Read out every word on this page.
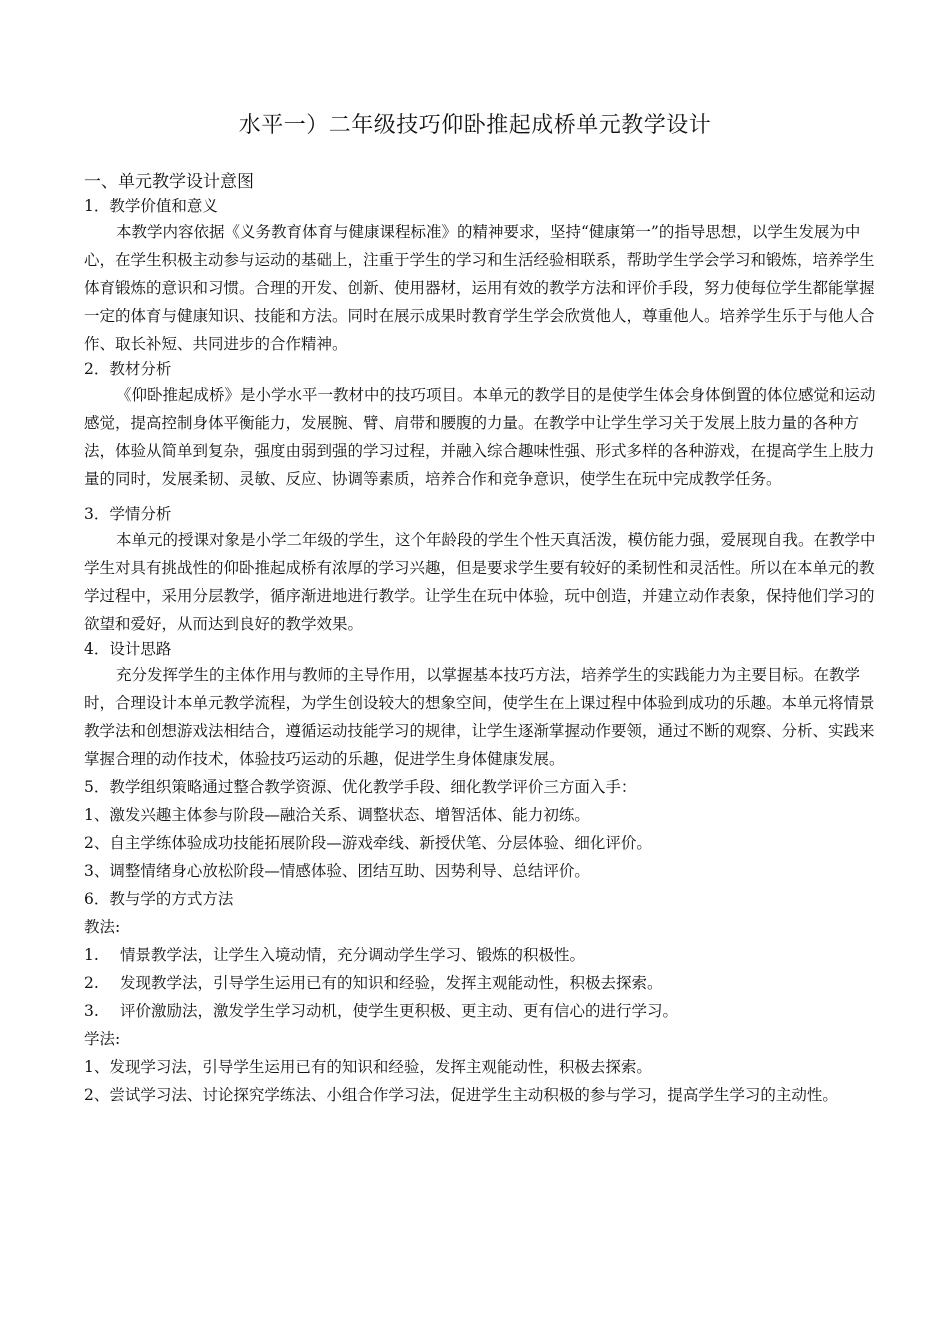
水平一）二年级技巧仰卧推起成桥单元教学设计

一、单元教学设计意图

1．教学价值和意义

本教学内容依据《义务教育体育与健康课程标准》的精神要求，坚持“健康第一”的指导思想，以学生发展为中心，在学生积极主动参与运动的基础上，注重于学生的学习和生活经验相联系，帮助学生学会学习和锻炼，培养学生体育锻炼的意识和习惯。合理的开发、创新、使用器材，运用有效的教学方法和评价手段，努力使每位学生都能掌握一定的体育与健康知识、技能和方法。同时在展示成果时教育学生学会欣赏他人，尊重他人。培养学生乐于与他人合作、取长补短、共同进步的合作精神。

2．教材分析

《仰卧推起成桥》是小学水平一教材中的技巧项目。本单元的教学目的是使学生体会身体倒置的体位感觉和运动感觉，提高控制身体平衡能力，发展腕、臂、肩带和腰腹的力量。在教学中让学生学习关于发展上肢力量的各种方法，体验从简单到复杂，强度由弱到强的学习过程，并融入综合趣味性强、形式多样的各种游戏，在提高学生上肢力量的同时，发展柔韧、灵敏、反应、协调等素质，培养合作和竞争意识，使学生在玩中完成教学任务。

3．学情分析

本单元的授课对象是小学二年级的学生，这个年龄段的学生个性天真活泼，模仿能力强，爱展现自我。在教学中学生对具有挑战性的仰卧推起成桥有浓厚的学习兴趣，但是要求学生要有较好的柔韧性和灵活性。所以在本单元的教学过程中，采用分层教学，循序渐进地进行教学。让学生在玩中体验，玩中创造，并建立动作表象，保持他们学习的欲望和爱好，从而达到良好的教学效果。

4．设计思路

充分发挥学生的主体作用与教师的主导作用，以掌握基本技巧方法，培养学生的实践能力为主要目标。在教学时，合理设计本单元教学流程，为学生创设较大的想象空间，使学生在上课过程中体验到成功的乐趣。本单元将情景教学法和创想游戏法相结合，遵循运动技能学习的规律，让学生逐渐掌握动作要领，通过不断的观察、分析、实践来掌握合理的动作技术，体验技巧运动的乐趣，促进学生身体健康发展。

5．教学组织策略通过整合教学资源、优化教学手段、细化教学评价三方面入手：

1、激发兴趣主体参与阶段—融洽关系、调整状态、增智活体、能力初练。

2、自主学练体验成功技能拓展阶段—游戏牵线、新授伏笔、分层体验、细化评价。

3、调整情绪身心放松阶段—情感体验、团结互助、因势利导、总结评价。

6．教与学的方式方法

教法:

1. 情景教学法，让学生入境动情，充分调动学生学习、锻炼的积极性。

2. 发现教学法，引导学生运用已有的知识和经验，发挥主观能动性，积极去探索。

3. 评价激励法，激发学生学习动机，使学生更积极、更主动、更有信心的进行学习。

学法:

1、发现学习法，引导学生运用已有的知识和经验，发挥主观能动性，积极去探索。

2、尝试学习法、讨论探究学练法、小组合作学习法，促进学生主动积极的参与学习，提高学生学习的主动性。
